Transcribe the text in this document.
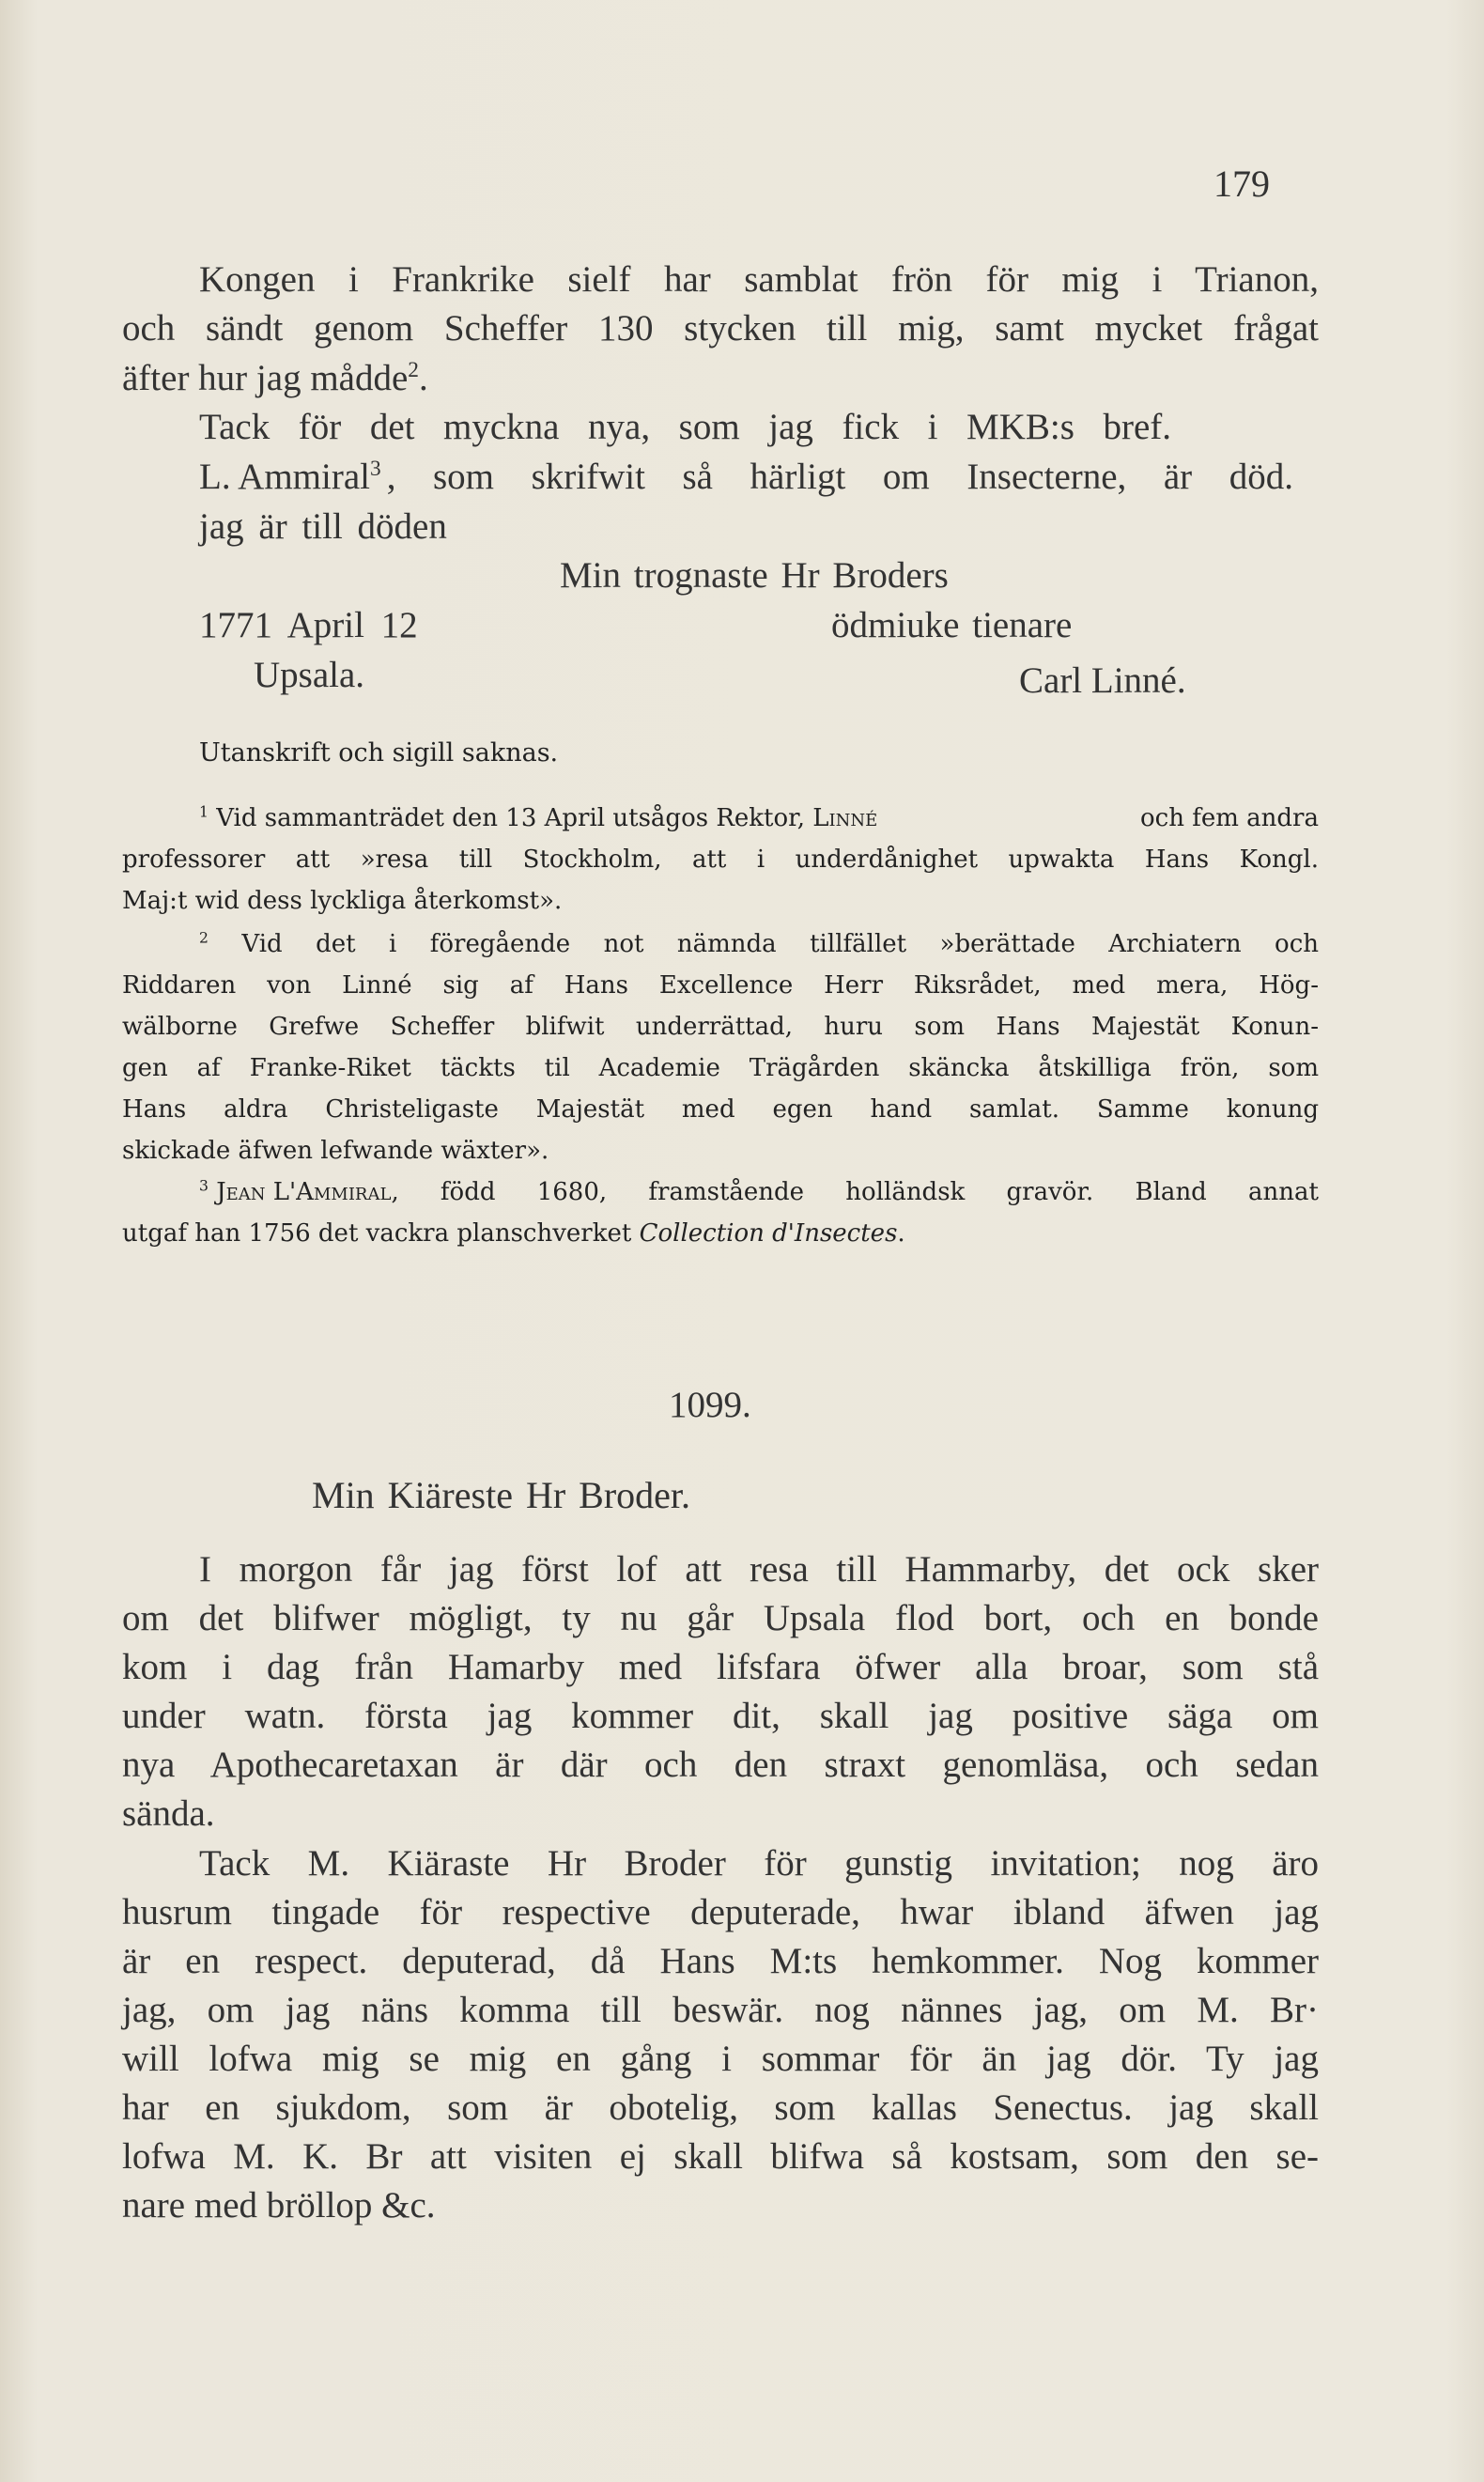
179
Kongen i Frankrike sielf har samblat frön för mig i Trianon,
och sändt genom Scheffer 130 stycken till mig, samt mycket frågat
äfter hur jag mådde$^2$.
Tack för det myckna nya, som jag fick i MKB:s bref.
L. Ammiral$^3$ , som skrifwit så härligt om Insecterne, är död.
jag är till döden
Min trognaste Hr Broders
1771 April 12	ödmiuke tienare
Upsala.	Carl Linné.
Utanskrift och sigill saknas.
$^1$ Vid sammanträdet den 13 April utsågos Rektor, Linné	och fem andra
professorer att »resa till Stockholm, att i underdånighet upwakta Hans Kongl.
Maj:t wid dess lyckliga återkomst».
$^2$ Vid det i föregående not nämnda tillfället »berättade Archiatern och
Riddaren von Linné sig af Hans Excellence Herr Riksrådet, med mera, Hög-
wälborne Grefwe Scheffer blifwit underrättad, huru som Hans Majestät Konun-
gen af Franke-Riket täckts til Academie Trägården skäncka åtskilliga frön, som
Hans aldra Christeligaste Majestät med egen hand samlat. Samme konung
skickade äfwen lefwande wäxter».
$^3$ Jean L'Ammiral , född 1680, framstående holländsk gravör. Bland annat
utgaf han 1756 det vackra planschverket Collection d'Insectes.
1099.
Min Kiäreste Hr Broder.
I morgon får jag först lof att resa till Hammarby, det ock sker
om det blifwer mögligt, ty nu går Upsala flod bort, och en bonde
kom i dag från Hamarby med lifsfara öfwer alla broar, som stå
under watn. första jag kommer dit, skall jag positive säga om
nya Apothecaretaxan är där och den straxt genomläsa, och sedan
sända.
Tack M. Kiäraste Hr Broder för gunstig invitation; nog äro
husrum tingade för respective deputerade, hwar ibland äfwen jag
är en respect. deputerad, då Hans M:ts hemkommer. Nog kommer
jag, om jag näns komma till beswär. nog nännes jag, om M. Br·
will lofwa mig se mig en gång i sommar för än jag dör. Ty jag
har en sjukdom, som är obotelig, som kallas Senectus. jag skall
lofwa M. K. Br att visiten ej skall blifwa så kostsam, som den se-
nare med bröllop &c.
